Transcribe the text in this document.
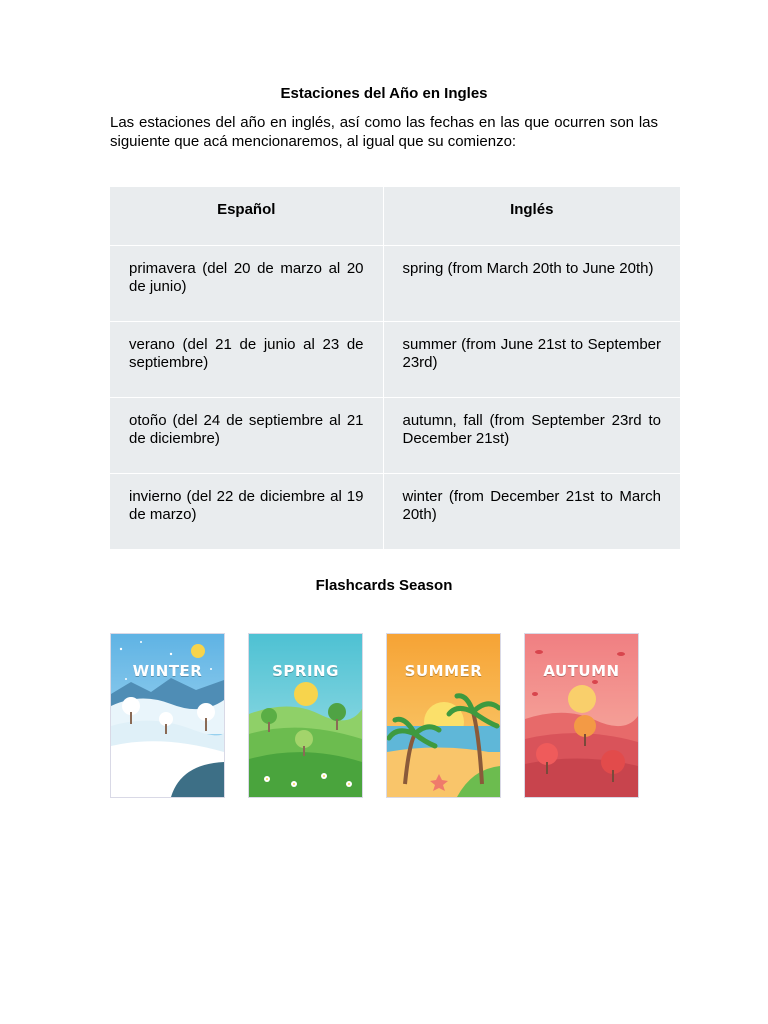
Estaciones del Año en Ingles
Las estaciones del año en inglés, así como las fechas en las que ocurren son las siguiente que acá mencionaremos, al igual que su comienzo:
Español	Inglés
primavera (del 20 de marzo al 20 de junio)	spring (from March 20th to June 20th)
verano (del 21 de junio al 23 de septiembre)	summer (from June 21st to September 23rd)
otoño (del 24 de septiembre al 21 de diciembre)	autumn, fall (from September 23rd to December 21st)
invierno (del 22 de diciembre al 19 de marzo)	winter (from December 21st to March 20th)
Flashcards Season
WINTER	SPRING	SUMMER	AUTUMN
